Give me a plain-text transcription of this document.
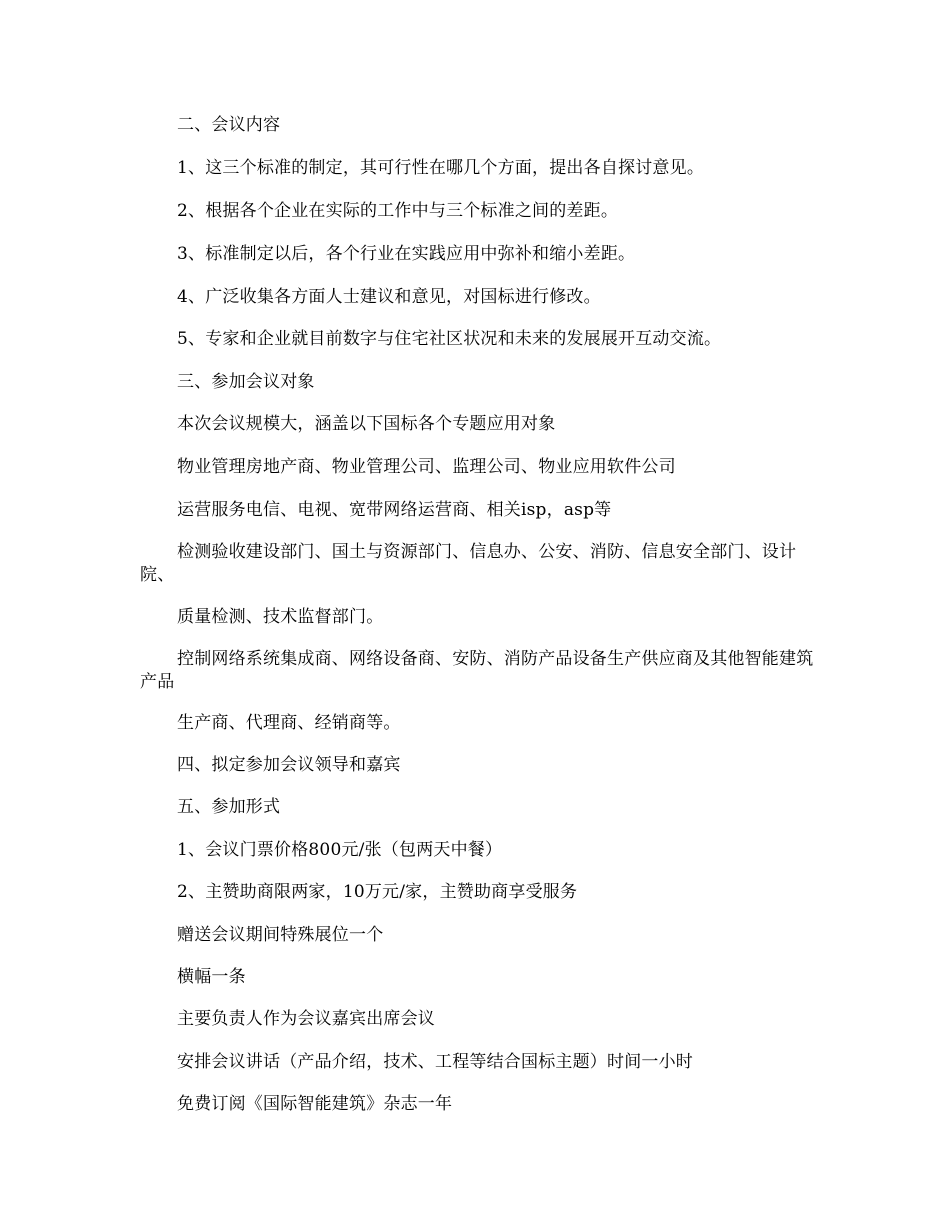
二、会议内容
1、这三个标准的制定，其可行性在哪几个方面，提出各自探讨意见。
2、根据各个企业在实际的工作中与三个标准之间的差距。
3、标准制定以后，各个行业在实践应用中弥补和缩小差距。
4、广泛收集各方面人士建议和意见，对国标进行修改。
5、专家和企业就目前数字与住宅社区状况和未来的发展展开互动交流。
三、参加会议对象
本次会议规模大，涵盖以下国标各个专题应用对象
物业管理房地产商、物业管理公司、监理公司、物业应用软件公司
运营服务电信、电视、宽带网络运营商、相关isp，asp等
检测验收建设部门、国土与资源部门、信息办、公安、消防、信息安全部门、设计院、
质量检测、技术监督部门。
控制网络系统集成商、网络设备商、安防、消防产品设备生产供应商及其他智能建筑产品
生产商、代理商、经销商等。
四、拟定参加会议领导和嘉宾
五、参加形式
1、会议门票价格800元/张（包两天中餐）
2、主赞助商限两家，10万元/家，主赞助商享受服务
赠送会议期间特殊展位一个
横幅一条
主要负责人作为会议嘉宾出席会议
安排会议讲话（产品介绍，技术、工程等结合国标主题）时间一小时
免费订阅《国际智能建筑》杂志一年
